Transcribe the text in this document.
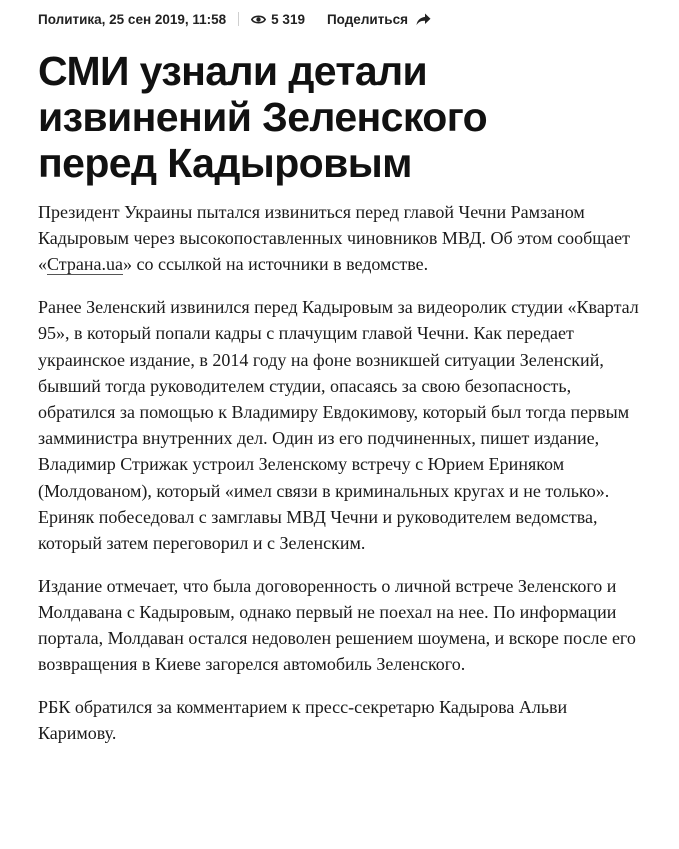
Политика, 25 сен 2019, 11:58	5 319 Поделиться
СМИ узнали детали
извинений Зеленского
перед Кадыровым

Президент Украины пытался извиниться перед главой Чечни Рамзаном Кадыровым через высокопоставленных чиновников МВД. Об этом сообщает «Страна.ua» со ссылкой на источники в ведомстве.

Ранее Зеленский извинился перед Кадыровым за видеоролик студии «Квартал 95», в который попали кадры с плачущим главой Чечни. Как передает украинское издание, в 2014 году на фоне возникшей ситуации Зеленский, бывший тогда руководителем студии, опасаясь за свою безопасность, обратился за помощью к Владимиру Евдокимову, который был тогда первым замминистра внутренних дел. Один из его подчиненных, пишет издание, Владимир Стрижак устроил Зеленскому встречу с Юрием Ериняком (Молдованом), который «имел связи в криминальных кругах и не только». Ериняк побеседовал с замглавы МВД Чечни и руководителем ведомства, который затем переговорил и с Зеленским.

Издание отмечает, что была договоренность о личной встрече Зеленского и Молдавана с Кадыровым, однако первый не поехал на нее. По информации портала, Молдаван остался недоволен решением шоумена, и вскоре после его возвращения в Киеве загорелся автомобиль Зеленского.

РБК обратился за комментарием к пресс-секретарю Кадырова Альви Каримову.
